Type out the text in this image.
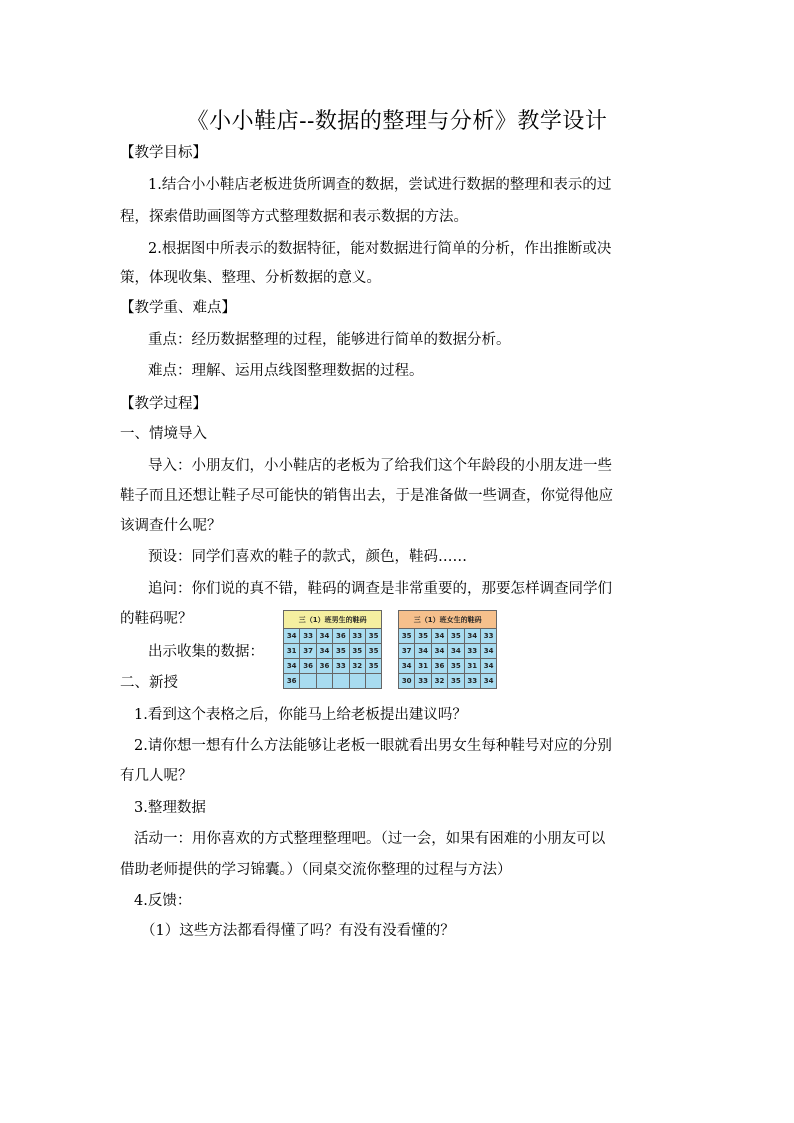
《小小鞋店--数据的整理与分析》教学设计
【教学目标】
1.结合小小鞋店老板进货所调查的数据，尝试进行数据的整理和表示的过
程，探索借助画图等方式整理数据和表示数据的方法。
2.根据图中所表示的数据特征，能对数据进行简单的分析，作出推断或决
策，体现收集、整理、分析数据的意义。
【教学重、难点】
重点：经历数据整理的过程，能够进行简单的数据分析。
难点：理解、运用点线图整理数据的过程。
【教学过程】
一、情境导入
导入：小朋友们，小小鞋店的老板为了给我们这个年龄段的小朋友进一些
鞋子而且还想让鞋子尽可能快的销售出去，于是准备做一些调查，你觉得他应
该调查什么呢？
预设：同学们喜欢的鞋子的款式，颜色，鞋码……
追问：你们说的真不错，鞋码的调查是非常重要的，那要怎样调查同学们
的鞋码呢？
出示收集的数据：
二、新授
1.看到这个表格之后，你能马上给老板提出建议吗？
2.请你想一想有什么方法能够让老板一眼就看出男女生每种鞋号对应的分别
有几人呢？
3.整理数据
活动一：用你喜欢的方式整理整理吧。（过一会，如果有困难的小朋友可以
借助老师提供的学习锦囊。）（同桌交流你整理的过程与方法）
4.反馈：
（1）这些方法都看得懂了吗？有没有没看懂的？
三（1）班男生的鞋码					
34	33	34	36	33	35
31	37	34	35	35	35
34	36	36	33	32	35
36					
三（1）班女生的鞋码					
35	35	34	35	34	33
37	34	34	34	33	34
34	31	36	35	31	34
30	33	32	35	33	34
